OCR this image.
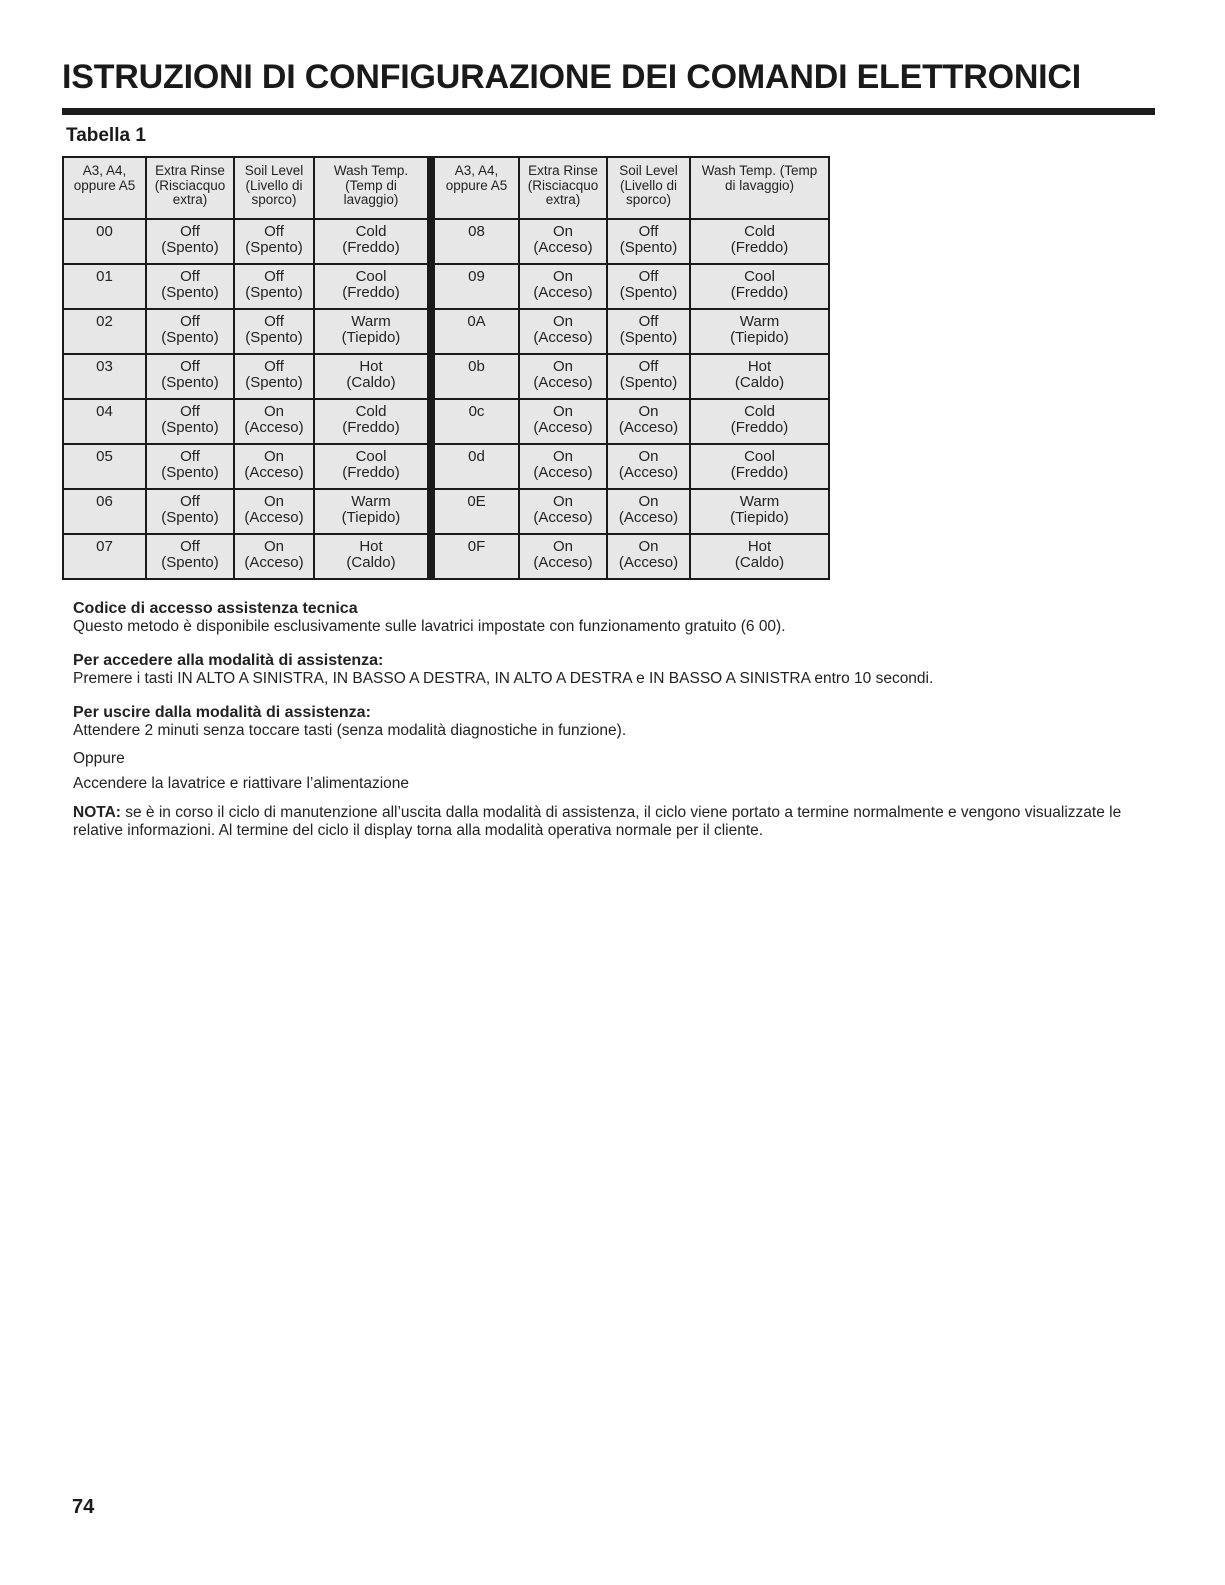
ISTRUZIONI DI CONFIGURAZIONE DEI COMANDI ELETTRONICI
Tabella 1
A3, A4,
oppure A5	Extra Rinse
(Risciacquo
extra)	Soil Level
(Livello di
sporco)	Wash Temp.
(Temp di
lavaggio)	A3, A4,
oppure A5	Extra Rinse
(Risciacquo
extra)	Soil Level
(Livello di
sporco)	Wash Temp. (Temp
di lavaggio)

00	Off
(Spento)	Off
(Spento)	Cold
(Freddo)	08	On
(Acceso)	Off
(Spento)	Cold
(Freddo)

01	Off
(Spento)	Off
(Spento)	Cool
(Freddo)	09	On
(Acceso)	Off
(Spento)	Cool
(Freddo)

02	Off
(Spento)	Off
(Spento)	Warm
(Tiepido)	0A	On
(Acceso)	Off
(Spento)	Warm
(Tiepido)

03	Off
(Spento)	Off
(Spento)	Hot
(Caldo)	0b	On
(Acceso)	Off
(Spento)	Hot
(Caldo)

04	Off
(Spento)	On
(Acceso)	Cold
(Freddo)	0c	On
(Acceso)	On
(Acceso)	Cold
(Freddo)

05	Off
(Spento)	On
(Acceso)	Cool
(Freddo)	0d	On
(Acceso)	On
(Acceso)	Cool
(Freddo)

06	Off
(Spento)	On
(Acceso)	Warm
(Tiepido)	0E	On
(Acceso)	On
(Acceso)	Warm
(Tiepido)

07	Off
(Spento)	On
(Acceso)	Hot
(Caldo)	0F	On
(Acceso)	On
(Acceso)	Hot
(Caldo)
Codice di accesso assistenza tecnica
Questo metodo è disponibile esclusivamente sulle lavatrici impostate con funzionamento gratuito (6 00).
Per accedere alla modalità di assistenza:
Premere i tasti IN ALTO A SINISTRA, IN BASSO A DESTRA, IN ALTO A DESTRA e IN BASSO A SINISTRA entro 10 secondi.
Per uscire dalla modalità di assistenza:
Attendere 2 minuti senza toccare tasti (senza modalità diagnostiche in funzione).
Oppure
Accendere la lavatrice e riattivare l’alimentazione
NOTA: se è in corso il ciclo di manutenzione all’uscita dalla modalità di assistenza, il ciclo viene portato a termine normalmente e vengono visualizzate le relative informazioni. Al termine del ciclo il display torna alla modalità operativa normale per il cliente.
74
